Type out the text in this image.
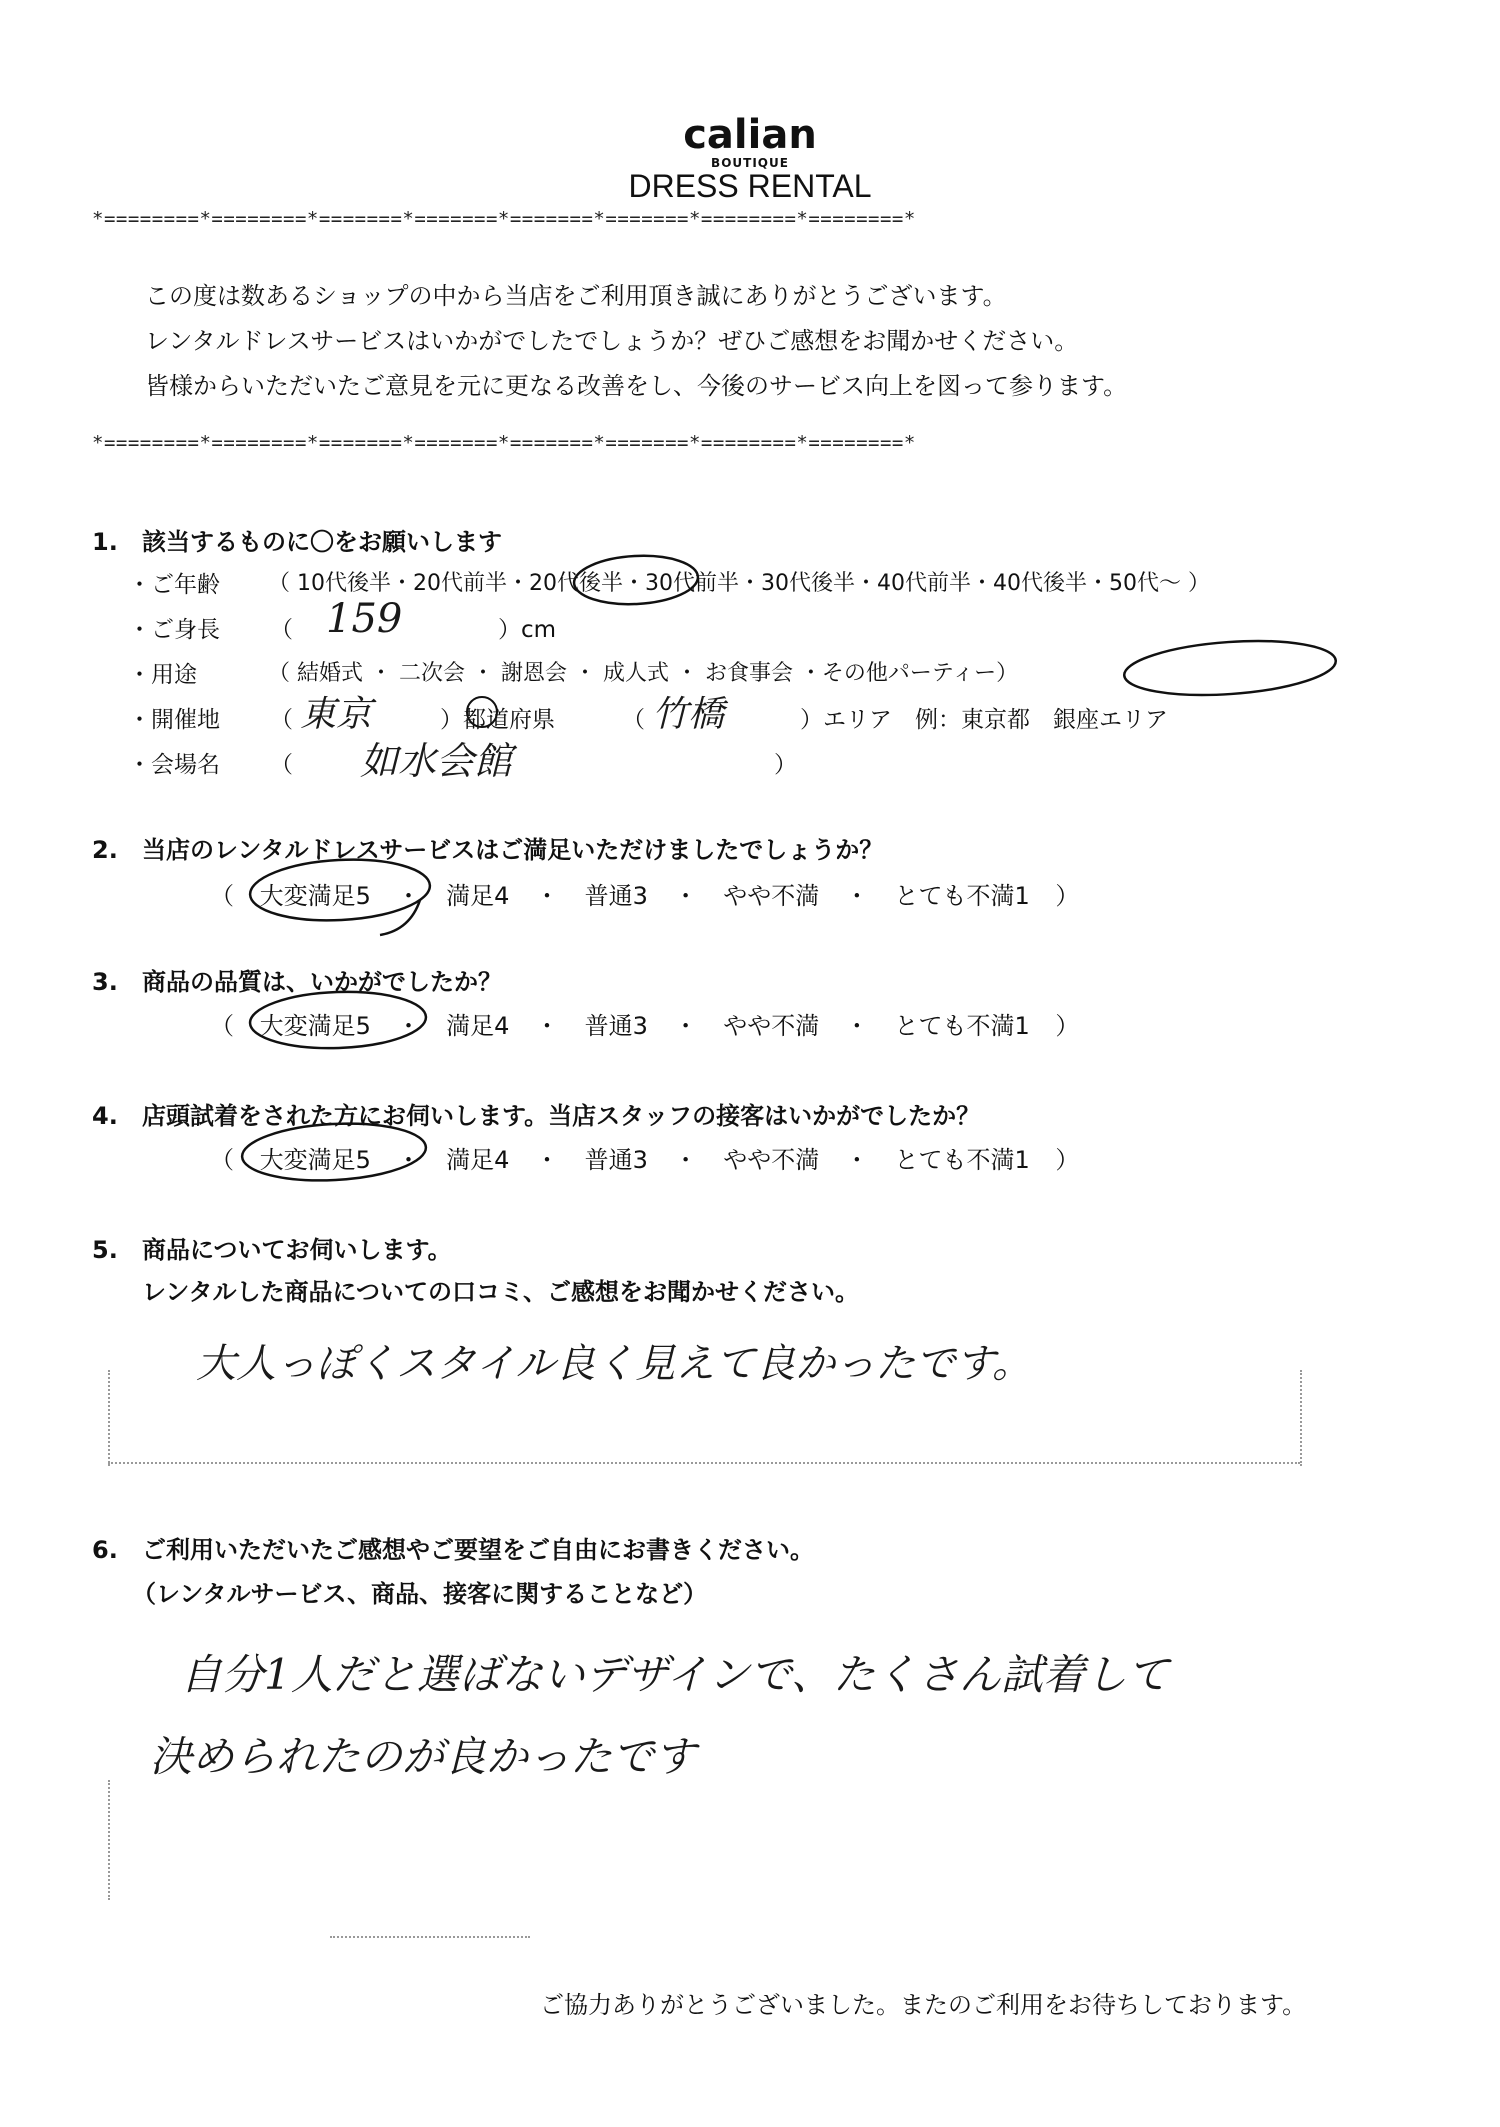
calian
BOUTIQUE
DRESS RENTAL
*========*========*=======*=======*=======*=======*========*========*
この度は数あるショップの中から当店をご利用頂き誠にありがとうございます。
レンタルドレスサービスはいかがでしたでしょうか？ぜひご感想をお聞かせください。
皆様からいただいたご意見を元に更なる改善をし、今後のサービス向上を図って参ります。
*========*========*=======*=======*=======*=======*========*========*
1. 該当するものに〇をお願いします
・ご年齢 （ 10代後半・20代前半・20代後半・30代前半・30代後半・40代前半・40代後半・50代～ ）
・ご身長 （ 159	）cm
・用途	（ 結婚式 ・ 二次会 ・ 謝恩会 ・ 成人式 ・ お食事会 ・その他パーティー）
・開催地 （ 東京	）都道府県	（ 竹橋	）エリア　例：東京都　銀座エリア
・会場名 （ 如水会館	）
2. 当店のレンタルドレスサービスはご満足いただけましたでしょうか？
（ 大変満足5 ・ 満足4 ・ 普通3 ・ やや不満 ・ とても不満1 ）
3. 商品の品質は、いかがでしたか？
（ 大変満足5 ・ 満足4 ・ 普通3 ・ やや不満 ・ とても不満1 ）
4. 店頭試着をされた方にお伺いします。当店スタッフの接客はいかがでしたか？
（ 大変満足5 ・ 満足4 ・ 普通3 ・ やや不満 ・ とても不満1 ）
5. 商品についてお伺いします。
レンタルした商品についての口コミ、ご感想をお聞かせください。
大人っぽくスタイル良く見えて良かったです。
6. ご利用いただいたご感想やご要望をご自由にお書きください。
（レンタルサービス、商品、接客に関することなど）
自分1人だと選ばないデザインで、たくさん試着して
決められたのが良かったです
ご協力ありがとうございました。またのご利用をお待ちしております。
